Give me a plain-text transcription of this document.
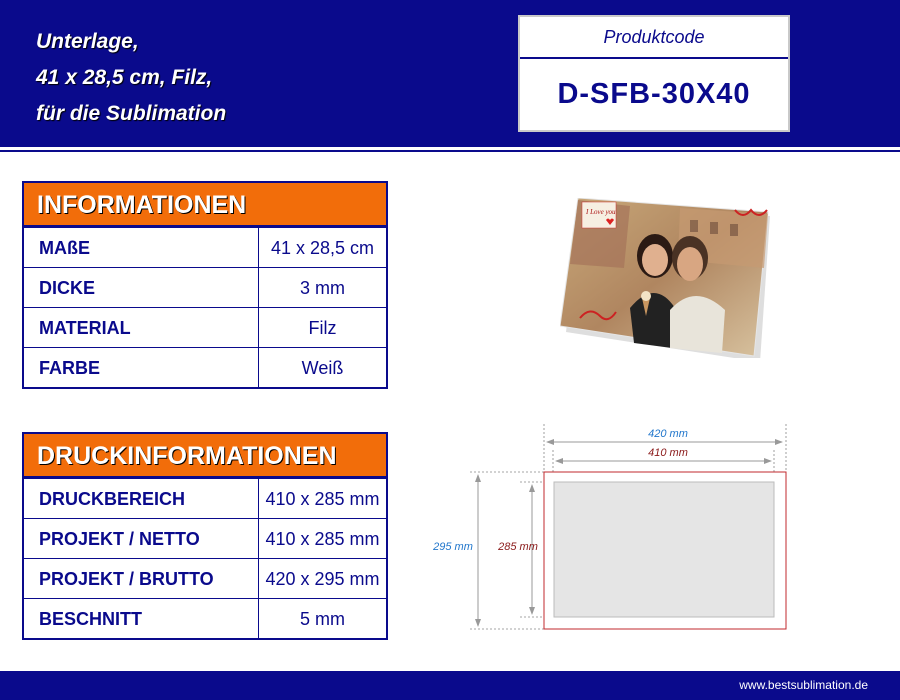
Unterlage,
41 x 28,5 cm, Filz,
für die Sublimation
Produktcode
D-SFB-30X40
INFORMATIONEN
MAßE	41 x 28,5 cm
DICKE	3 mm
MATERIAL	Filz
FARBE	Weiß
DRUCKINFORMATIONEN
DRUCKBEREICH	410 x 285 mm
PROJEKT / NETTO	410 x 285 mm
PROJEKT / BRUTTO	420 x 295 mm
BESCHNITT	5 mm
I Love you
420 mm
410 mm
295 mm 285 mm
www.bestsublimation.de
